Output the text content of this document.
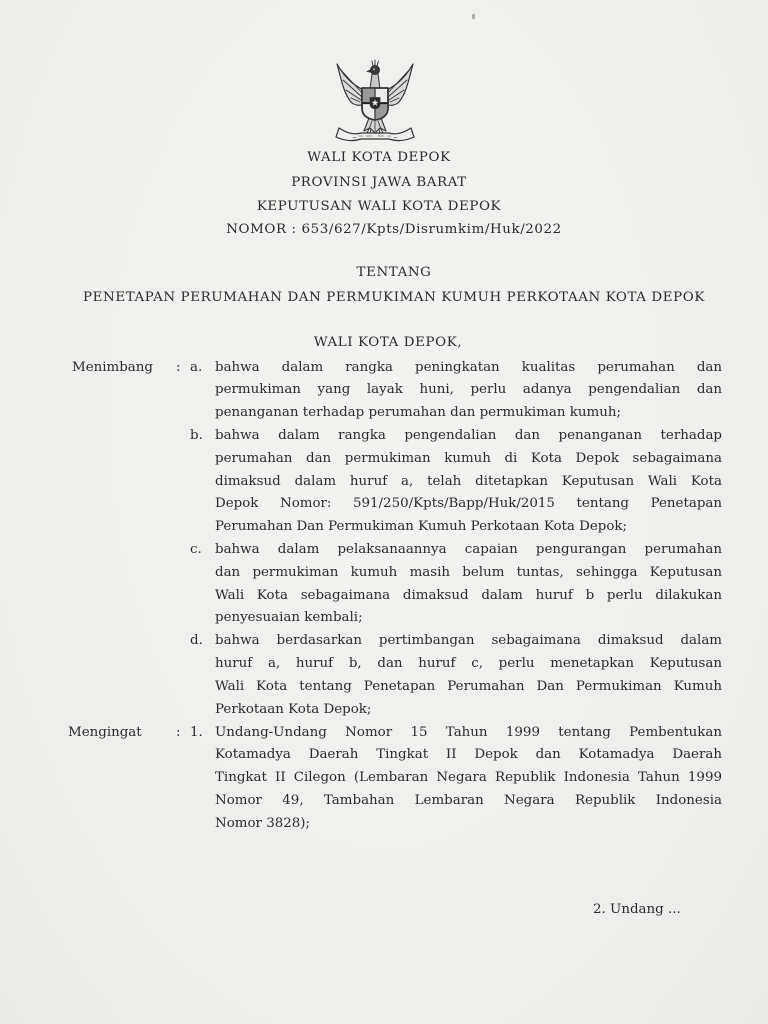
WALI KOTA DEPOK
PROVINSI JAWA BARAT
KEPUTUSAN WALI KOTA DEPOK
NOMOR : 653/627/Kpts/Disrumkim/Huk/2022
TENTANG
PENETAPAN PERUMAHAN DAN PERMUKIMAN KUMUH PERKOTAAN KOTA DEPOK
WALI KOTA DEPOK,
Menimbang : a. bahwa dalam rangka peningkatan kualitas perumahan dan
permukiman yang layak huni, perlu adanya pengendalian dan
penanganan terhadap perumahan dan permukiman kumuh;
b. bahwa dalam rangka pengendalian dan penanganan terhadap
perumahan dan permukiman kumuh di Kota Depok sebagaimana
dimaksud dalam huruf a, telah ditetapkan Keputusan Wali Kota
Depok Nomor: 591/250/Kpts/Bapp/Huk/2015 tentang Penetapan
Perumahan Dan Permukiman Kumuh Perkotaan Kota Depok;
c. bahwa dalam pelaksanaannya capaian pengurangan perumahan
dan permukiman kumuh masih belum tuntas, sehingga Keputusan
Wali Kota sebagaimana dimaksud dalam huruf b perlu dilakukan
penyesuaian kembali;
d. bahwa berdasarkan pertimbangan sebagaimana dimaksud dalam
huruf a, huruf b, dan huruf c, perlu menetapkan Keputusan
Wali Kota tentang Penetapan Perumahan Dan Permukiman Kumuh
Perkotaan Kota Depok;
Mengingat	: 1. Undang-Undang Nomor 15 Tahun 1999 tentang Pembentukan
Kotamadya Daerah Tingkat II Depok dan Kotamadya Daerah
Tingkat II Cilegon (Lembaran Negara Republik Indonesia Tahun 1999
Nomor 49, Tambahan Lembaran Negara Republik Indonesia
Nomor 3828);
2. Undang ...
